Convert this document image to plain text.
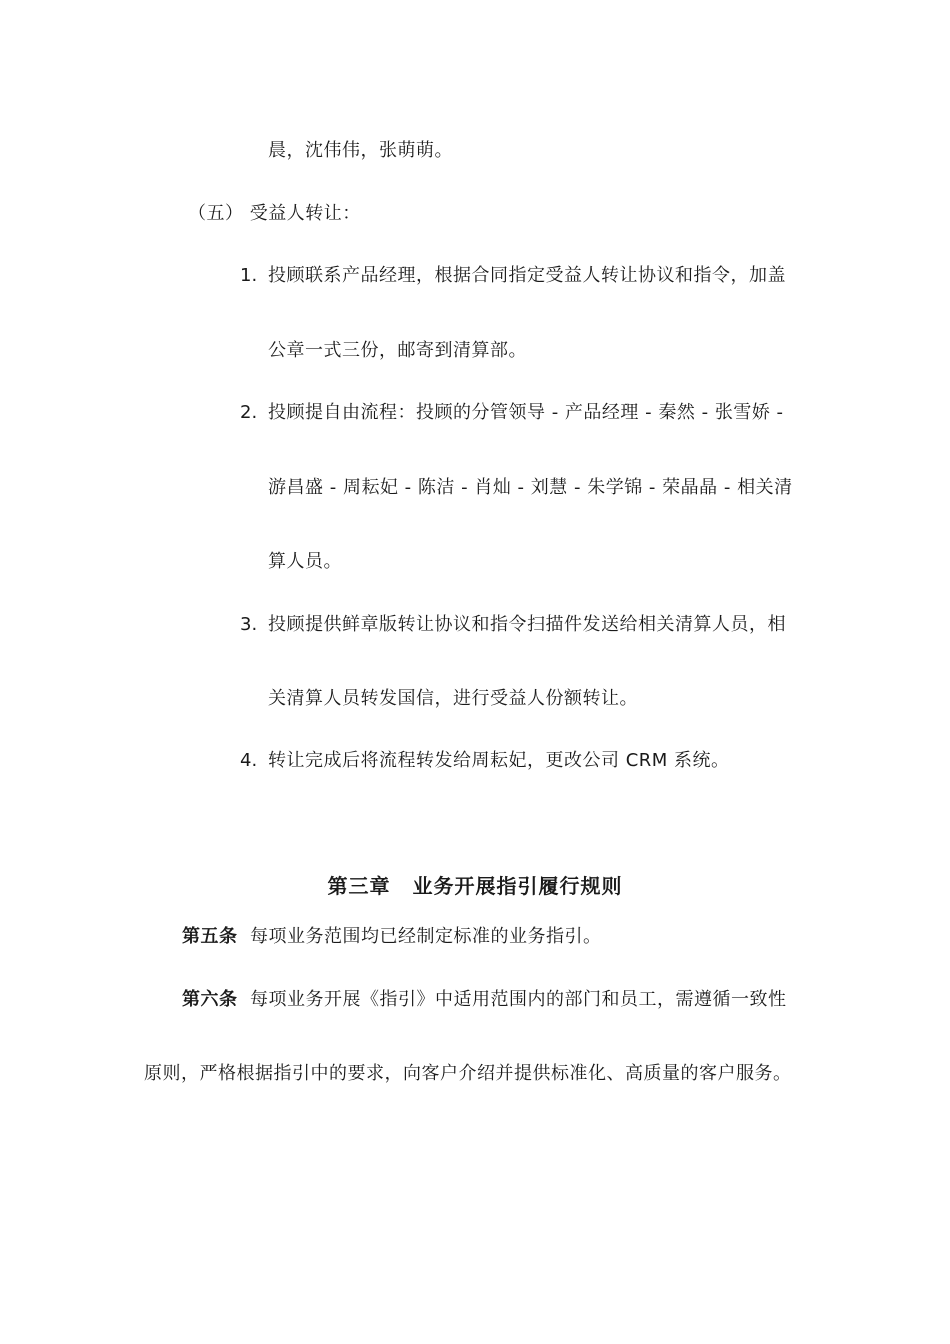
晨，沈伟伟，张萌萌。
（五） 受益人转让：
1. 投顾联系产品经理，根据合同指定受益人转让协议和指令，加盖
公章一式三份，邮寄到清算部。
2. 投顾提自由流程：投顾的分管领导 - 产品经理 - 秦然 - 张雪娇 -
游昌盛 - 周耘妃 - 陈洁 - 肖灿 - 刘慧 - 朱学锦 - 荣晶晶 - 相关清
算人员。
3. 投顾提供鲜章版转让协议和指令扫描件发送给相关清算人员，相
关清算人员转发国信，进行受益人份额转让。
4. 转让完成后将流程转发给周耘妃，更改公司 CRM 系统。
第三章 业务开展指引履行规则
第五条 每项业务范围均已经制定标准的业务指引。
第六条 每项业务开展《指引》中适用范围内的部门和员工，需遵循一致性
原则，严格根据指引中的要求，向客户介绍并提供标准化、高质量的客户服务。
